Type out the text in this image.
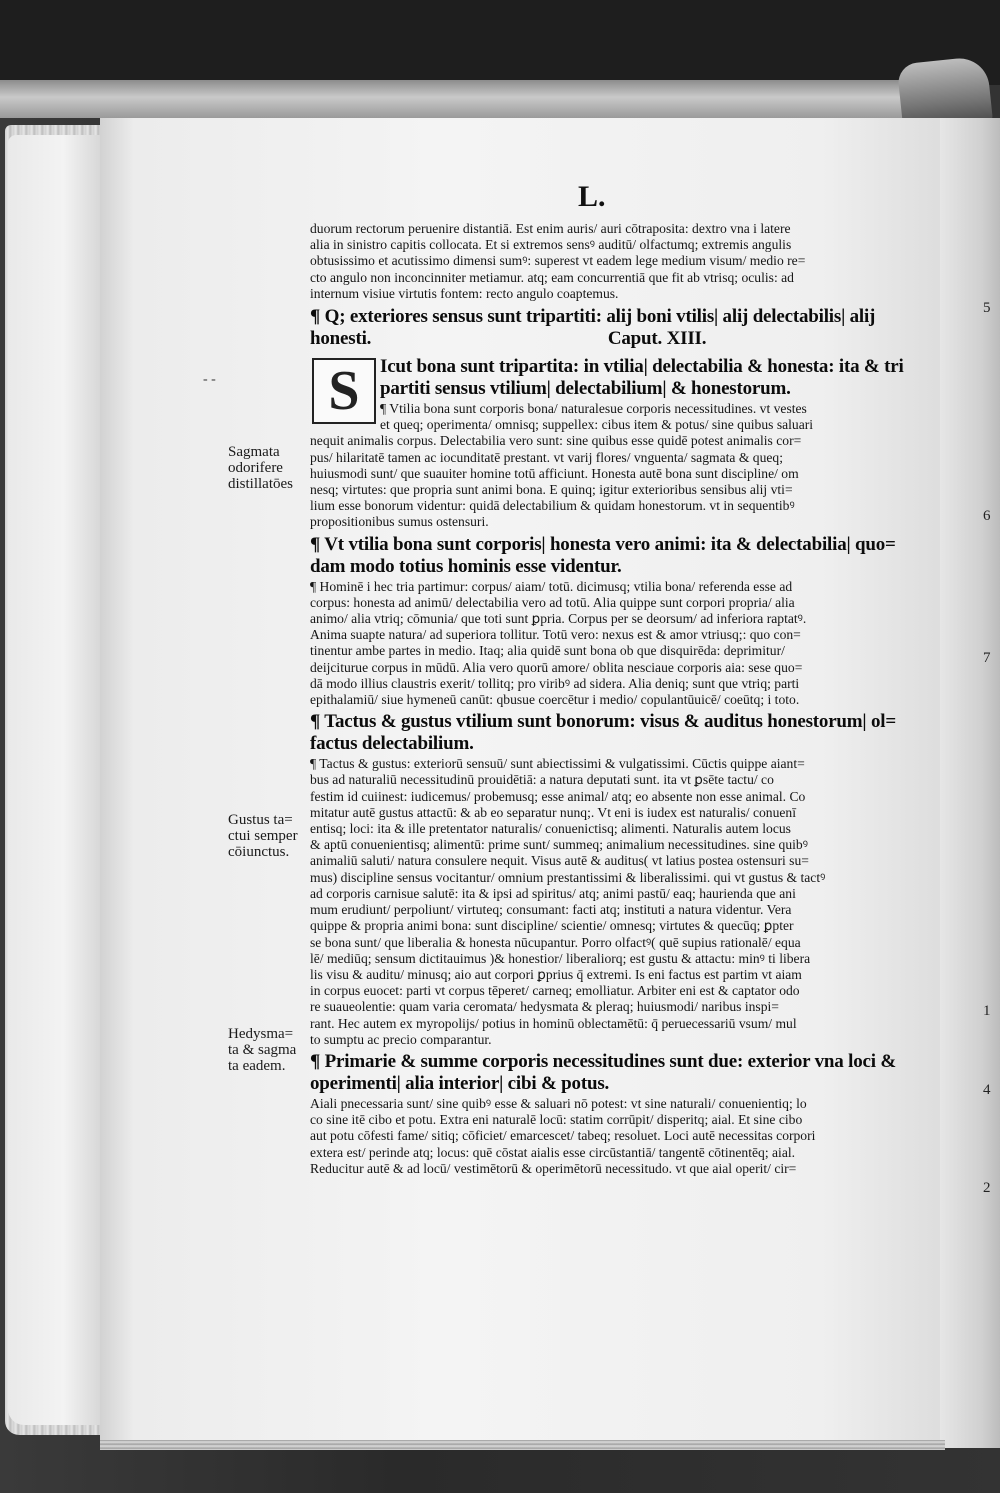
L.
- -
duorum rectorum peruenire distantiā. Est enim auris/ auri cōtraposita: dextro vna i latere
alia in sinistro capitis collocata. Et si extremos sensꝰ auditū/ olfactumq; extremis angulis
obtusissimo et acutissimo dimensi sumꝰ: superest vt eadem lege medium visum/ medio re=
cto angulo non inconcinniter metiamur. atq; eam concurrentiā que fit ab vtrisq; oculis: ad
internum visiue virtutis fontem: recto angulo coaptemus.
¶ Q; exteriores sensus sunt tripartiti: alij boni vtilis| alij delectabilis| alij
honesti.                                                    Caput. XIII.
S Icut bona sunt tripartita: in vtilia| delectabilia & honesta: ita & tri
partiti sensus vtilium| delectabilium| & honestorum.
¶ Vtilia bona sunt corporis bona/ naturalesue corporis necessitudines. vt vestes
et queq; operimenta/ omnisq; suppellex: cibus item & potus/ sine quibus saluari
nequit animalis corpus. Delectabilia vero sunt: sine quibus esse quidē potest animalis cor=
pus/ hilaritatē tamen ac iocunditatē prestant. vt varij flores/ vnguenta/ sagmata & queq;
huiusmodi sunt/ que suauiter homine totū afficiunt. Honesta autē bona sunt discipline/ om
nesq; virtutes: que propria sunt animi bona. E quinq; igitur exterioribus sensibus alij vti=
lium esse bonorum videntur: quidā delectabilium & quidam honestorum. vt in sequentibꝰ
propositionibus sumus ostensuri.
¶ Vt vtilia bona sunt corporis| honesta vero animi: ita & delectabilia| quo=
dam modo totius hominis esse videntur.
¶ Hominē i hec tria partimur: corpus/ aiam/ totū. dicimusq; vtilia bona/ referenda esse ad
corpus: honesta ad animū/ delectabilia vero ad totū. Alia quippe sunt corpori propria/ alia
animo/ alia vtriq; cōmunia/ que toti sunt ꝑpria. Corpus per se deorsum/ ad inferiora raptatꝰ.
Anima suapte natura/ ad superiora tollitur. Totū vero: nexus est & amor vtriusq;: quo con=
tinentur ambe partes in medio. Itaq; alia quidē sunt bona ob que disquirēda: deprimitur/
deijciturue corpus in mūdū. Alia vero quorū amore/ oblita nesciaue corporis aia: sese quo=
dā modo illius claustris exerit/ tollitq; pro viribꝰ ad sidera. Alia deniq; sunt que vtriq; parti
epithalamiū/ siue hymeneū canūt: qbusue coercētur i medio/ copulantūuicē/ coeūtq; i toto.
¶ Tactus & gustus vtilium sunt bonorum: visus & auditus honestorum| ol=
factus delectabilium.
¶ Tactus & gustus: exteriorū sensuū/ sunt abiectissimi & vulgatissimi. Cūctis quippe aiant=
bus ad naturaliū necessitudinū prouidētiā: a natura deputati sunt. ita vt ꝑsēte tactu/ co
festim id cuiinest: iudicemus/ probemusq; esse animal/ atq; eo absente non esse animal. Co
mitatur autē gustus attactū: & ab eo separatur nunq;. Vt eni is iudex est naturalis/ conuenī
entisq; loci: ita & ille pretentator naturalis/ conuenictisq; alimenti. Naturalis autem locus
& aptū conuenientisq; alimentū: prime sunt/ summeq; animalium necessitudines. sine quibꝰ
animaliū saluti/ natura consulere nequit. Visus autē & auditus( vt latius postea ostensuri su=
mus) discipline sensus vocitantur/ omnium prestantissimi & liberalissimi. qui vt gustus & tactꝰ
ad corporis carnisue salutē: ita & ipsi ad spiritus/ atq; animi pastū/ eaq; haurienda que ani
mum erudiunt/ perpoliunt/ virtuteq; consumant: facti atq; instituti a natura videntur. Vera
quippe & propria animi bona: sunt discipline/ scientie/ omnesq; virtutes & quecūq; ꝑpter
se bona sunt/ que liberalia & honesta nūcupantur. Porro olfactꝰ( quē supius rationalē/ equa
lē/ mediūq; sensum dictitauimus )& honestior/ liberaliorq; est gustu & attactu: minꝰ ti libera
lis visu & auditu/ minusq; aio aut corpori ꝑprius q̄ extremi. Is eni factus est partim vt aiam
in corpus euocet: parti vt corpus tēperet/ carneq; emolliatur. Arbiter eni est & captator odo
re suaueolentie: quam varia ceromata/ hedysmata & pleraq; huiusmodi/ naribus inspi=
rant. Hec autem ex myropolijs/ potius in hominū oblectamētū: q̄ peruecessariū vsum/ mul
to sumptu ac precio comparantur.
¶ Primarie & summe corporis necessitudines sunt due: exterior vna loci &
operimenti| alia interior| cibi & potus.
Aiali pnecessaria sunt/ sine quibꝰ esse & saluari nō potest: vt sine naturali/ conuenientiq; lo
co sine itē cibo et potu. Extra eni naturalē locū: statim corrūpit/ disperitq; aial. Et sine cibo
aut potu cōfesti fame/ sitiq; cōficiet/ emarcescet/ tabeq; resoluet. Loci autē necessitas corpori
extera est/ perinde atq; locus: quē cōstat aialis esse circūstantiā/ tangentē cōtinentēq; aial.
Reducitur autē & ad locū/ vestimētorū & operimētorū necessitudo. vt que aial operit/ cir=
Sagmata
odorifere
distillatōes
Gustus ta=
ctui semper
cōiunctus.
Hedysma=
ta & sagma
ta eadem.
5
6
7
1
4
2
